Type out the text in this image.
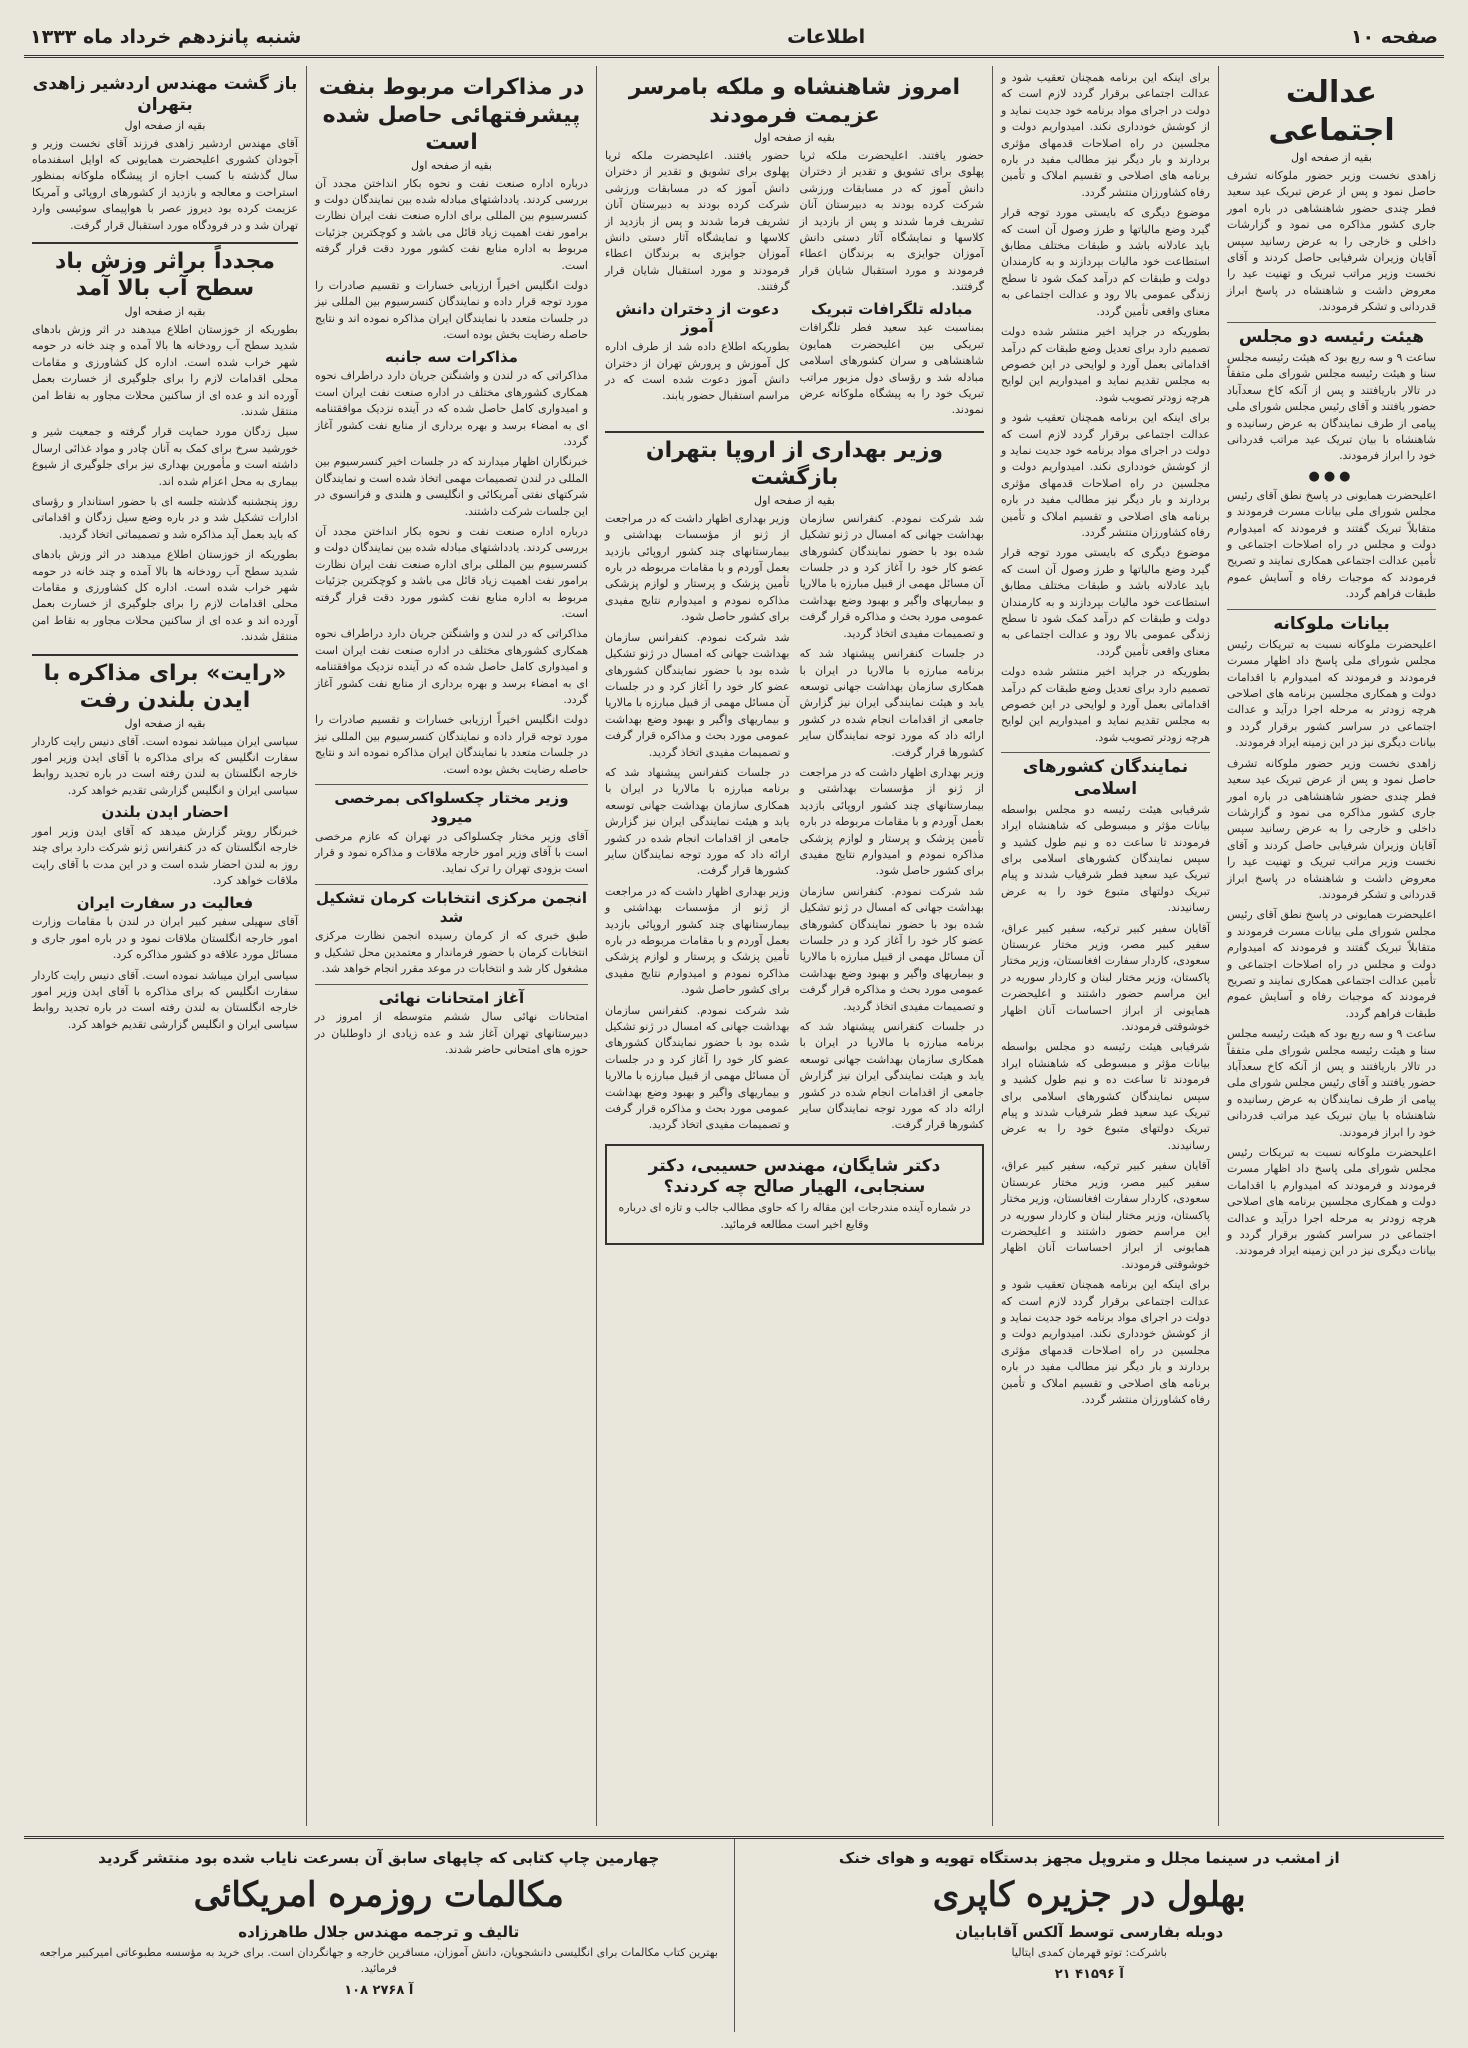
صفحه ۱۰
اطلاعات
شنبه پانزدهم خرداد ماه ۱۳۳۳
عدالت اجتماعی
بقیه از صفحه اول

زاهدی نخست وزیر حضور ملوکانه تشرف حاصل نمود و پس از عرض تبریک عید سعید فطر چندی حضور شاهنشاهی در باره امور جاری کشور مذاکره می نمود و گزارشات داخلی و خارجی را به عرض رسانید سپس آقایان وزیران شرفیابی حاصل کردند و آقای نخست وزیر مراتب تبریک و تهنیت عید را معروض داشت و شاهنشاه در پاسخ ابراز قدردانی و تشکر فرمودند.

هیئت رئیسه دو مجلس

ساعت ۹ و سه ربع بود که هیئت رئیسه مجلس سنا و هیئت رئیسه مجلس شورای ملی متفقاً در تالار باریافتند و پس از آنکه کاخ سعدآباد حضور یافتند و آقای رئیس مجلس شورای ملی پیامی از طرف نمایندگان به عرض رسانیده و شاهنشاه با بیان تبریک عید مراتب قدردانی خود را ابراز فرمودند.

●●●

اعلیحضرت همایونی در پاسخ نطق آقای رئیس مجلس شورای ملی بیانات مسرت فرمودند و متقابلاً تبریک گفتند و فرمودند که امیدوارم دولت و مجلس در راه اصلاحات اجتماعی و تأمین عدالت اجتماعی همکاری نمایند و تصریح فرمودند که موجبات رفاه و آسایش عموم طبقات فراهم گردد.

بیانات ملوکانه

اعلیحضرت ملوکانه نسبت به تبریکات رئیس مجلس شورای ملی پاسخ داد اظهار مسرت فرمودند و فرمودند که امیدوارم با اقدامات دولت و همکاری مجلسین برنامه های اصلاحی هرچه زودتر به مرحله اجرا درآید و عدالت اجتماعی در سراسر کشور برقرار گردد و بیانات دیگری نیز در این زمینه ایراد فرمودند.

زاهدی نخست وزیر حضور ملوکانه تشرف حاصل نمود و پس از عرض تبریک عید سعید فطر چندی حضور شاهنشاهی در باره امور جاری کشور مذاکره می نمود و گزارشات داخلی و خارجی را به عرض رسانید سپس آقایان وزیران شرفیابی حاصل کردند و آقای نخست وزیر مراتب تبریک و تهنیت عید را معروض داشت و شاهنشاه در پاسخ ابراز قدردانی و تشکر فرمودند.

اعلیحضرت همایونی در پاسخ نطق آقای رئیس مجلس شورای ملی بیانات مسرت فرمودند و متقابلاً تبریک گفتند و فرمودند که امیدوارم دولت و مجلس در راه اصلاحات اجتماعی و تأمین عدالت اجتماعی همکاری نمایند و تصریح فرمودند که موجبات رفاه و آسایش عموم طبقات فراهم گردد.

ساعت ۹ و سه ربع بود که هیئت رئیسه مجلس سنا و هیئت رئیسه مجلس شورای ملی متفقاً در تالار باریافتند و پس از آنکه کاخ سعدآباد حضور یافتند و آقای رئیس مجلس شورای ملی پیامی از طرف نمایندگان به عرض رسانیده و شاهنشاه با بیان تبریک عید مراتب قدردانی خود را ابراز فرمودند.

اعلیحضرت ملوکانه نسبت به تبریکات رئیس مجلس شورای ملی پاسخ داد اظهار مسرت فرمودند و فرمودند که امیدوارم با اقدامات دولت و همکاری مجلسین برنامه های اصلاحی هرچه زودتر به مرحله اجرا درآید و عدالت اجتماعی در سراسر کشور برقرار گردد و بیانات دیگری نیز در این زمینه ایراد فرمودند.

برای اینکه این برنامه همچنان تعقیب شود و عدالت اجتماعی برقرار گردد لازم است که دولت در اجرای مواد برنامه خود جدیت نماید و از کوشش خودداری نکند. امیدواریم دولت و مجلسین در راه اصلاحات قدمهای مؤثری بردارند و بار دیگر نیز مطالب مفید در باره برنامه های اصلاحی و تقسیم املاک و تأمین رفاه کشاورزان منتشر گردد.

موضوع دیگری که بایستی مورد توجه قرار گیرد وضع مالیاتها و طرز وصول آن است که باید عادلانه باشد و طبقات مختلف مطابق استطاعت خود مالیات بپردازند و به کارمندان دولت و طبقات کم درآمد کمک شود تا سطح زندگی عمومی بالا رود و عدالت اجتماعی به معنای واقعی تأمین گردد.

بطوریکه در جراید اخیر منتشر شده دولت تصمیم دارد برای تعدیل وضع طبقات کم درآمد اقداماتی بعمل آورد و لوایحی در این خصوص به مجلس تقدیم نماید و امیدواریم این لوایح هرچه زودتر تصویب شود.

برای اینکه این برنامه همچنان تعقیب شود و عدالت اجتماعی برقرار گردد لازم است که دولت در اجرای مواد برنامه خود جدیت نماید و از کوشش خودداری نکند. امیدواریم دولت و مجلسین در راه اصلاحات قدمهای مؤثری بردارند و بار دیگر نیز مطالب مفید در باره برنامه های اصلاحی و تقسیم املاک و تأمین رفاه کشاورزان منتشر گردد.

موضوع دیگری که بایستی مورد توجه قرار گیرد وضع مالیاتها و طرز وصول آن است که باید عادلانه باشد و طبقات مختلف مطابق استطاعت خود مالیات بپردازند و به کارمندان دولت و طبقات کم درآمد کمک شود تا سطح زندگی عمومی بالا رود و عدالت اجتماعی به معنای واقعی تأمین گردد.

بطوریکه در جراید اخیر منتشر شده دولت تصمیم دارد برای تعدیل وضع طبقات کم درآمد اقداماتی بعمل آورد و لوایحی در این خصوص به مجلس تقدیم نماید و امیدواریم این لوایح هرچه زودتر تصویب شود.

نمایندگان کشورهای اسلامی

شرفیابی هیئت رئیسه دو مجلس بواسطه بیانات مؤثر و مبسوطی که شاهنشاه ایراد فرمودند تا ساعت ده و نیم طول کشید و سپس نمایندگان کشورهای اسلامی برای تبریک عید سعید فطر شرفیاب شدند و پیام تبریک دولتهای متبوع خود را به عرض رسانیدند.

آقایان سفیر کبیر ترکیه، سفیر کبیر عراق، سفیر کبیر مصر، وزیر مختار عربستان سعودی، کاردار سفارت افغانستان، وزیر مختار پاکستان، وزیر مختار لبنان و کاردار سوریه در این مراسم حضور داشتند و اعلیحضرت همایونی از ابراز احساسات آنان اظهار خوشوقتی فرمودند.

شرفیابی هیئت رئیسه دو مجلس بواسطه بیانات مؤثر و مبسوطی که شاهنشاه ایراد فرمودند تا ساعت ده و نیم طول کشید و سپس نمایندگان کشورهای اسلامی برای تبریک عید سعید فطر شرفیاب شدند و پیام تبریک دولتهای متبوع خود را به عرض رسانیدند.

آقایان سفیر کبیر ترکیه، سفیر کبیر عراق، سفیر کبیر مصر، وزیر مختار عربستان سعودی، کاردار سفارت افغانستان، وزیر مختار پاکستان، وزیر مختار لبنان و کاردار سوریه در این مراسم حضور داشتند و اعلیحضرت همایونی از ابراز احساسات آنان اظهار خوشوقتی فرمودند.

برای اینکه این برنامه همچنان تعقیب شود و عدالت اجتماعی برقرار گردد لازم است که دولت در اجرای مواد برنامه خود جدیت نماید و از کوشش خودداری نکند. امیدواریم دولت و مجلسین در راه اصلاحات قدمهای مؤثری بردارند و بار دیگر نیز مطالب مفید در باره برنامه های اصلاحی و تقسیم املاک و تأمین رفاه کشاورزان منتشر گردد.

امروز شاهنشاه و ملکه بامرسر عزیمت فرمودند
بقیه از صفحه اول

حضور یافتند. اعلیحضرت ملکه ثریا پهلوی برای تشویق و تقدیر از دختران دانش آموز که در مسابقات ورزشی شرکت کرده بودند به دبیرستان آنان تشریف فرما شدند و پس از بازدید از کلاسها و نمایشگاه آثار دستی دانش آموزان جوایزی به برندگان اعطاء فرمودند و مورد استقبال شایان قرار گرفتند.

مبادله تلگرافات تبریک

بمناسبت عید سعید فطر تلگرافات تبریکی بین اعلیحضرت همایون شاهنشاهی و سران کشورهای اسلامی مبادله شد و رؤسای دول مزبور مراتب تبریک خود را به پیشگاه ملوکانه عرض نمودند.

حضور یافتند. اعلیحضرت ملکه ثریا پهلوی برای تشویق و تقدیر از دختران دانش آموز که در مسابقات ورزشی شرکت کرده بودند به دبیرستان آنان تشریف فرما شدند و پس از بازدید از کلاسها و نمایشگاه آثار دستی دانش آموزان جوایزی به برندگان اعطاء فرمودند و مورد استقبال شایان قرار گرفتند.

دعوت از دختران دانش آموز

بطوریکه اطلاع داده شد از طرف اداره کل آموزش و پرورش تهران از دختران دانش آموز دعوت شده است که در مراسم استقبال حضور یابند.

وزیر بهداری از اروپا بتهران بازگشت
بقیه از صفحه اول

شد شرکت نمودم. کنفرانس سازمان بهداشت جهانی که امسال در ژنو تشکیل شده بود با حضور نمایندگان کشورهای عضو کار خود را آغاز کرد و در جلسات آن مسائل مهمی از قبیل مبارزه با مالاریا و بیماریهای واگیر و بهبود وضع بهداشت عمومی مورد بحث و مذاکره قرار گرفت و تصمیمات مفیدی اتخاذ گردید.

در جلسات کنفرانس پیشنهاد شد که برنامه مبارزه با مالاریا در ایران با همکاری سازمان بهداشت جهانی توسعه یابد و هیئت نمایندگی ایران نیز گزارش جامعی از اقدامات انجام شده در کشور ارائه داد که مورد توجه نمایندگان سایر کشورها قرار گرفت.

وزیر بهداری اظهار داشت که در مراجعت از ژنو از مؤسسات بهداشتی و بیمارستانهای چند کشور اروپائی بازدید بعمل آوردم و با مقامات مربوطه در باره تأمین پزشک و پرستار و لوازم پزشکی مذاکره نمودم و امیدوارم نتایج مفیدی برای کشور حاصل شود.

شد شرکت نمودم. کنفرانس سازمان بهداشت جهانی که امسال در ژنو تشکیل شده بود با حضور نمایندگان کشورهای عضو کار خود را آغاز کرد و در جلسات آن مسائل مهمی از قبیل مبارزه با مالاریا و بیماریهای واگیر و بهبود وضع بهداشت عمومی مورد بحث و مذاکره قرار گرفت و تصمیمات مفیدی اتخاذ گردید.

در جلسات کنفرانس پیشنهاد شد که برنامه مبارزه با مالاریا در ایران با همکاری سازمان بهداشت جهانی توسعه یابد و هیئت نمایندگی ایران نیز گزارش جامعی از اقدامات انجام شده در کشور ارائه داد که مورد توجه نمایندگان سایر کشورها قرار گرفت.

وزیر بهداری اظهار داشت که در مراجعت از ژنو از مؤسسات بهداشتی و بیمارستانهای چند کشور اروپائی بازدید بعمل آوردم و با مقامات مربوطه در باره تأمین پزشک و پرستار و لوازم پزشکی مذاکره نمودم و امیدوارم نتایج مفیدی برای کشور حاصل شود.

شد شرکت نمودم. کنفرانس سازمان بهداشت جهانی که امسال در ژنو تشکیل شده بود با حضور نمایندگان کشورهای عضو کار خود را آغاز کرد و در جلسات آن مسائل مهمی از قبیل مبارزه با مالاریا و بیماریهای واگیر و بهبود وضع بهداشت عمومی مورد بحث و مذاکره قرار گرفت و تصمیمات مفیدی اتخاذ گردید.

در جلسات کنفرانس پیشنهاد شد که برنامه مبارزه با مالاریا در ایران با همکاری سازمان بهداشت جهانی توسعه یابد و هیئت نمایندگی ایران نیز گزارش جامعی از اقدامات انجام شده در کشور ارائه داد که مورد توجه نمایندگان سایر کشورها قرار گرفت.

وزیر بهداری اظهار داشت که در مراجعت از ژنو از مؤسسات بهداشتی و بیمارستانهای چند کشور اروپائی بازدید بعمل آوردم و با مقامات مربوطه در باره تأمین پزشک و پرستار و لوازم پزشکی مذاکره نمودم و امیدوارم نتایج مفیدی برای کشور حاصل شود.

شد شرکت نمودم. کنفرانس سازمان بهداشت جهانی که امسال در ژنو تشکیل شده بود با حضور نمایندگان کشورهای عضو کار خود را آغاز کرد و در جلسات آن مسائل مهمی از قبیل مبارزه با مالاریا و بیماریهای واگیر و بهبود وضع بهداشت عمومی مورد بحث و مذاکره قرار گرفت و تصمیمات مفیدی اتخاذ گردید.

دکتر شایگان، مهندس حسیبی، دکتر سنجابی، الهیار صالح چه کردند؟

در شماره آینده مندرجات این مقاله را که حاوی مطالب جالب و تازه ای درباره وقایع اخیر است مطالعه فرمائید.

در مذاکرات مربوط بنفت پیشرفتهائی حاصل شده است
بقیه از صفحه اول

درباره اداره صنعت نفت و نحوه بکار انداختن مجدد آن بررسی کردند. یادداشتهای مبادله شده بین نمایندگان دولت و کنسرسیوم بین المللی برای اداره صنعت نفت ایران نظارت برامور نفت اهمیت زیاد قائل می باشد و کوچکترین جزئیات مربوط به اداره منابع نفت کشور مورد دقت قرار گرفته است.

دولت انگلیس اخیراً ارزیابی خسارات و تقسیم صادرات را مورد توجه قرار داده و نمایندگان کنسرسیوم بین المللی نیز در جلسات متعدد با نمایندگان ایران مذاکره نموده اند و نتایج حاصله رضایت بخش بوده است.

مذاکرات سه جانبه

مذاکراتی که در لندن و واشنگتن جریان دارد دراطراف نحوه همکاری کشورهای مختلف در اداره صنعت نفت ایران است و امیدواری کامل حاصل شده که در آینده نزدیک موافقتنامه ای به امضاء برسد و بهره برداری از منابع نفت کشور آغاز گردد.

خبرنگاران اظهار میدارند که در جلسات اخیر کنسرسیوم بین المللی در لندن تصمیمات مهمی اتخاذ شده است و نمایندگان شرکتهای نفتی آمریکائی و انگلیسی و هلندی و فرانسوی در این جلسات شرکت داشتند.

درباره اداره صنعت نفت و نحوه بکار انداختن مجدد آن بررسی کردند. یادداشتهای مبادله شده بین نمایندگان دولت و کنسرسیوم بین المللی برای اداره صنعت نفت ایران نظارت برامور نفت اهمیت زیاد قائل می باشد و کوچکترین جزئیات مربوط به اداره منابع نفت کشور مورد دقت قرار گرفته است.

مذاکراتی که در لندن و واشنگتن جریان دارد دراطراف نحوه همکاری کشورهای مختلف در اداره صنعت نفت ایران است و امیدواری کامل حاصل شده که در آینده نزدیک موافقتنامه ای به امضاء برسد و بهره برداری از منابع نفت کشور آغاز گردد.

دولت انگلیس اخیراً ارزیابی خسارات و تقسیم صادرات را مورد توجه قرار داده و نمایندگان کنسرسیوم بین المللی نیز در جلسات متعدد با نمایندگان ایران مذاکره نموده اند و نتایج حاصله رضایت بخش بوده است.

وزیر مختار چکسلواکی بمرخصی میرود

آقای وزیر مختار چکسلواکی در تهران که عازم مرخصی است با آقای وزیر امور خارجه ملاقات و مذاکره نمود و قرار است بزودی تهران را ترک نماید.

انجمن مرکزی انتخابات کرمان تشکیل شد

طبق خبری که از کرمان رسیده انجمن نظارت مرکزی انتخابات کرمان با حضور فرماندار و معتمدین محل تشکیل و مشغول کار شد و انتخابات در موعد مقرر انجام خواهد شد.

آغاز امتحانات نهائی

امتحانات نهائی سال ششم متوسطه از امروز در دبیرستانهای تهران آغاز شد و عده زیادی از داوطلبان در حوزه های امتحانی حاضر شدند.

باز گشت مهندس اردشیر زاهدی بتهران
بقیه از صفحه اول

آقای مهندس اردشیر زاهدی فرزند آقای نخست وزیر و آجودان کشوری اعلیحضرت همایونی که اوایل اسفندماه سال گذشته با کسب اجازه از پیشگاه ملوکانه بمنظور استراحت و معالجه و بازدید از کشورهای اروپائی و آمریکا عزیمت کرده بود دیروز عصر با هواپیمای سوئیسی وارد تهران شد و در فرودگاه مورد استقبال قرار گرفت.

مجدداً براثر وزش باد سطح آب بالا آمد
بقیه از صفحه اول

بطوریکه از خوزستان اطلاع میدهند در اثر وزش بادهای شدید سطح آب رودخانه ها بالا آمده و چند خانه در حومه شهر خراب شده است. اداره کل کشاورزی و مقامات محلی اقدامات لازم را برای جلوگیری از خسارت بعمل آورده اند و عده ای از ساکنین محلات مجاور به نقاط امن منتقل شدند.

سیل زدگان مورد حمایت قرار گرفته و جمعیت شیر و خورشید سرخ برای کمک به آنان چادر و مواد غذائی ارسال داشته است و مأمورین بهداری نیز برای جلوگیری از شیوع بیماری به محل اعزام شده اند.

روز پنجشنبه گذشته جلسه ای با حضور استاندار و رؤسای ادارات تشکیل شد و در باره وضع سیل زدگان و اقداماتی که باید بعمل آید مذاکره شد و تصمیماتی اتخاذ گردید.

بطوریکه از خوزستان اطلاع میدهند در اثر وزش بادهای شدید سطح آب رودخانه ها بالا آمده و چند خانه در حومه شهر خراب شده است. اداره کل کشاورزی و مقامات محلی اقدامات لازم را برای جلوگیری از خسارت بعمل آورده اند و عده ای از ساکنین محلات مجاور به نقاط امن منتقل شدند.

«رایت» برای مذاکره با ایدن بلندن رفت
بقیه از صفحه اول

سیاسی ایران میباشد نموده است. آقای دنیس رایت کاردار سفارت انگلیس که برای مذاکره با آقای ایدن وزیر امور خارجه انگلستان به لندن رفته است در باره تجدید روابط سیاسی ایران و انگلیس گزارشی تقدیم خواهد کرد.

احضار ایدن بلندن

خبرنگار رویتر گزارش میدهد که آقای ایدن وزیر امور خارجه انگلستان که در کنفرانس ژنو شرکت دارد برای چند روز به لندن احضار شده است و در این مدت با آقای رایت ملاقات خواهد کرد.

فعالیت در سفارت ایران

آقای سهیلی سفیر کبیر ایران در لندن با مقامات وزارت امور خارجه انگلستان ملاقات نمود و در باره امور جاری و مسائل مورد علاقه دو کشور مذاکره کرد.

سیاسی ایران میباشد نموده است. آقای دنیس رایت کاردار سفارت انگلیس که برای مذاکره با آقای ایدن وزیر امور خارجه انگلستان به لندن رفته است در باره تجدید روابط سیاسی ایران و انگلیس گزارشی تقدیم خواهد کرد.

از امشب در سینما مجلل و متروپل مجهز بدستگاه تهویه و هوای خنک
بهلول در جزیره کاپری
دوبله بفارسی توسط آلکس آقابابیان
باشرکت: توتو قهرمان کمدی ایتالیا
۲۱ ۴۱۵۹۶ آ
چهارمین چاپ کتابی که چاپهای سابق آن بسرعت نایاب شده بود منتشر گردید
مکالمات روزمره امریکائی
تالیف و ترجمه مهندس جلال طاهرزاده
بهترین کتاب مکالمات برای انگلیسی دانشجویان، دانش آموزان، مسافرین خارجه و جهانگردان است. برای خرید به مؤسسه مطبوعاتی امیرکبیر مراجعه فرمائید.
۱۰۸ ۲۷۶۸ آ
